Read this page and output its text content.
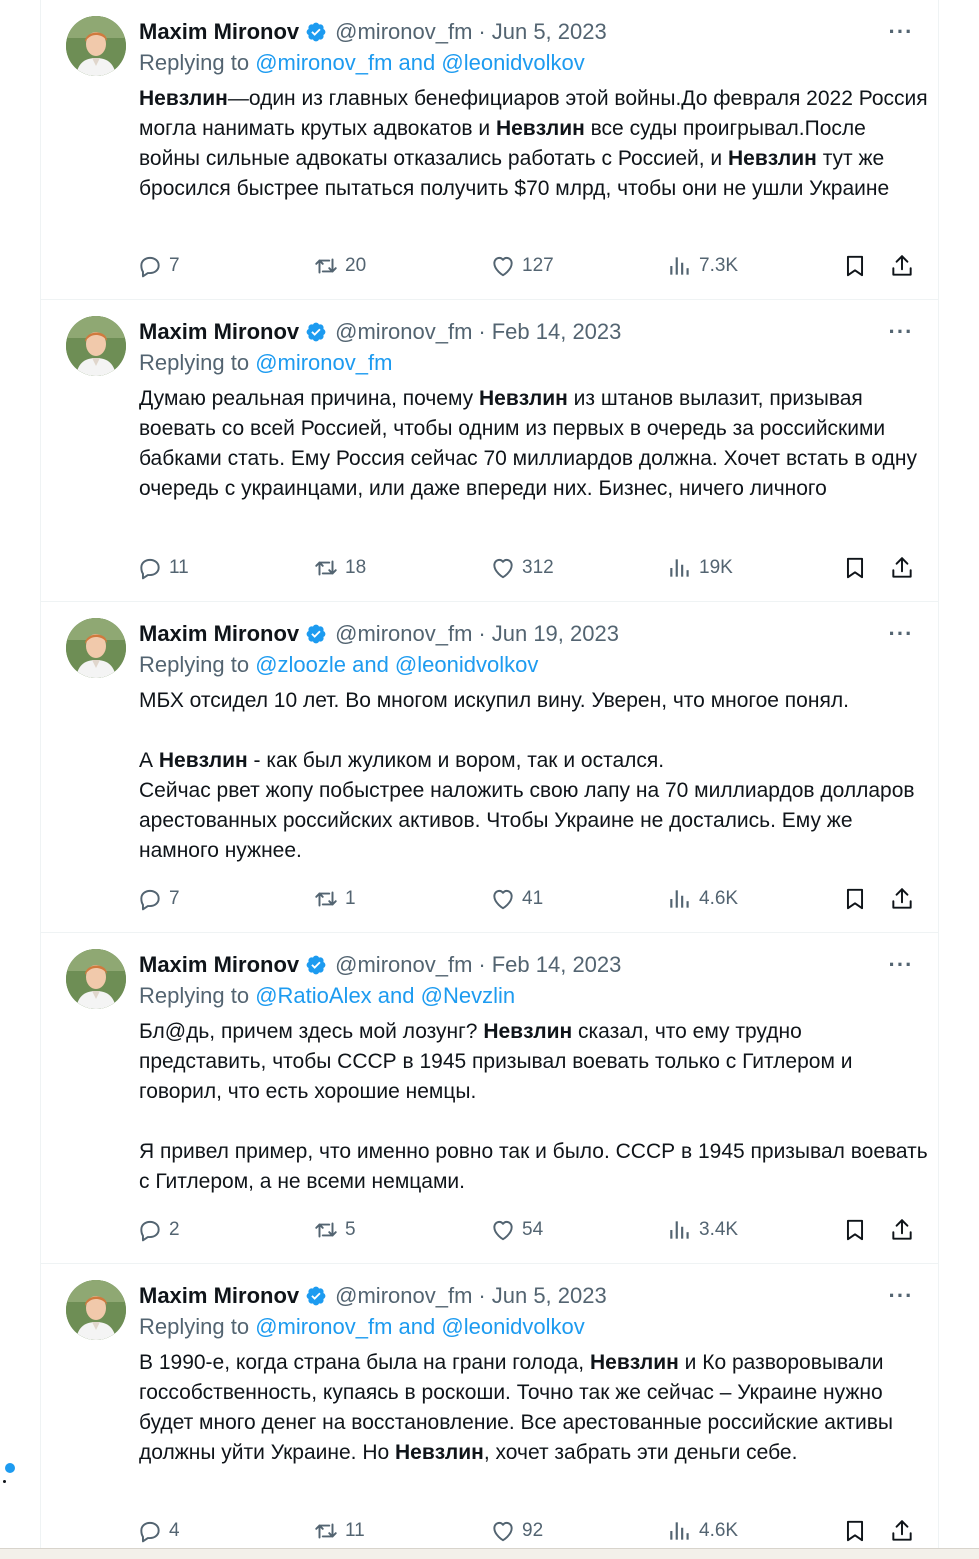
Maxim Mironov @mironov_fm · Jun 5, 2023	···
Replying to @mironov_fm and @leonidvolkov

Невзлин—один из главных бенефициаров этой войны.До февраля 2022 Россия могла нанимать крутых адвокатов и Невзлин все суды проигрывал.После войны сильные адвокаты отказались работать с Россией, и Невзлин тут же бросился быстрее пытаться получить $70 млрд, чтобы они не ушли Украине

7	20	127	7.3K
Maxim Mironov @mironov_fm · Feb 14, 2023	···
Replying to @mironov_fm

Думаю реальная причина, почему Невзлин из штанов вылазит, призывая воевать со всей Россией, чтобы одним из первых в очередь за российскими бабками стать. Ему Россия сейчас 70 миллиардов должна. Хочет встать в одну очередь с украинцами, или даже впереди них. Бизнес, ничего личного

11	18	312	19K
Maxim Mironov @mironov_fm · Jun 19, 2023	···
Replying to @zloozle and @leonidvolkov

МБХ отсидел 10 лет. Во многом искупил вину. Уверен, что многое понял.

А Невзлин - как был жуликом и вором, так и остался.

Сейчас рвет жопу побыстрее наложить свою лапу на 70 миллиардов долларов арестованных российских активов. Чтобы Украине не достались. Ему же намного нужнее.

7	1	41	4.6K
Maxim Mironov @mironov_fm · Feb 14, 2023	···
Replying to @RatioAlex and @Nevzlin

Бл@дь, причем здесь мой лозунг? Невзлин сказал, что ему трудно представить, чтобы СССР в 1945 призывал воевать только с Гитлером и говорил, что есть хорошие немцы.

Я привел пример, что именно ровно так и было. СССР в 1945 призывал воевать с Гитлером, а не всеми немцами.

2	5	54	3.4K
Maxim Mironov @mironov_fm · Jun 5, 2023	···
Replying to @mironov_fm and @leonidvolkov

В 1990-е, когда страна была на грани голода, Невзлин и Ко разворовывали госсобственность, купаясь в роскоши. Точно так же сейчас – Украине нужно будет много денег на восстановление. Все арестованные российские активы должны уйти Украине. Но Невзлин, хочет забрать эти деньги себе.

4	11	92	4.6K
